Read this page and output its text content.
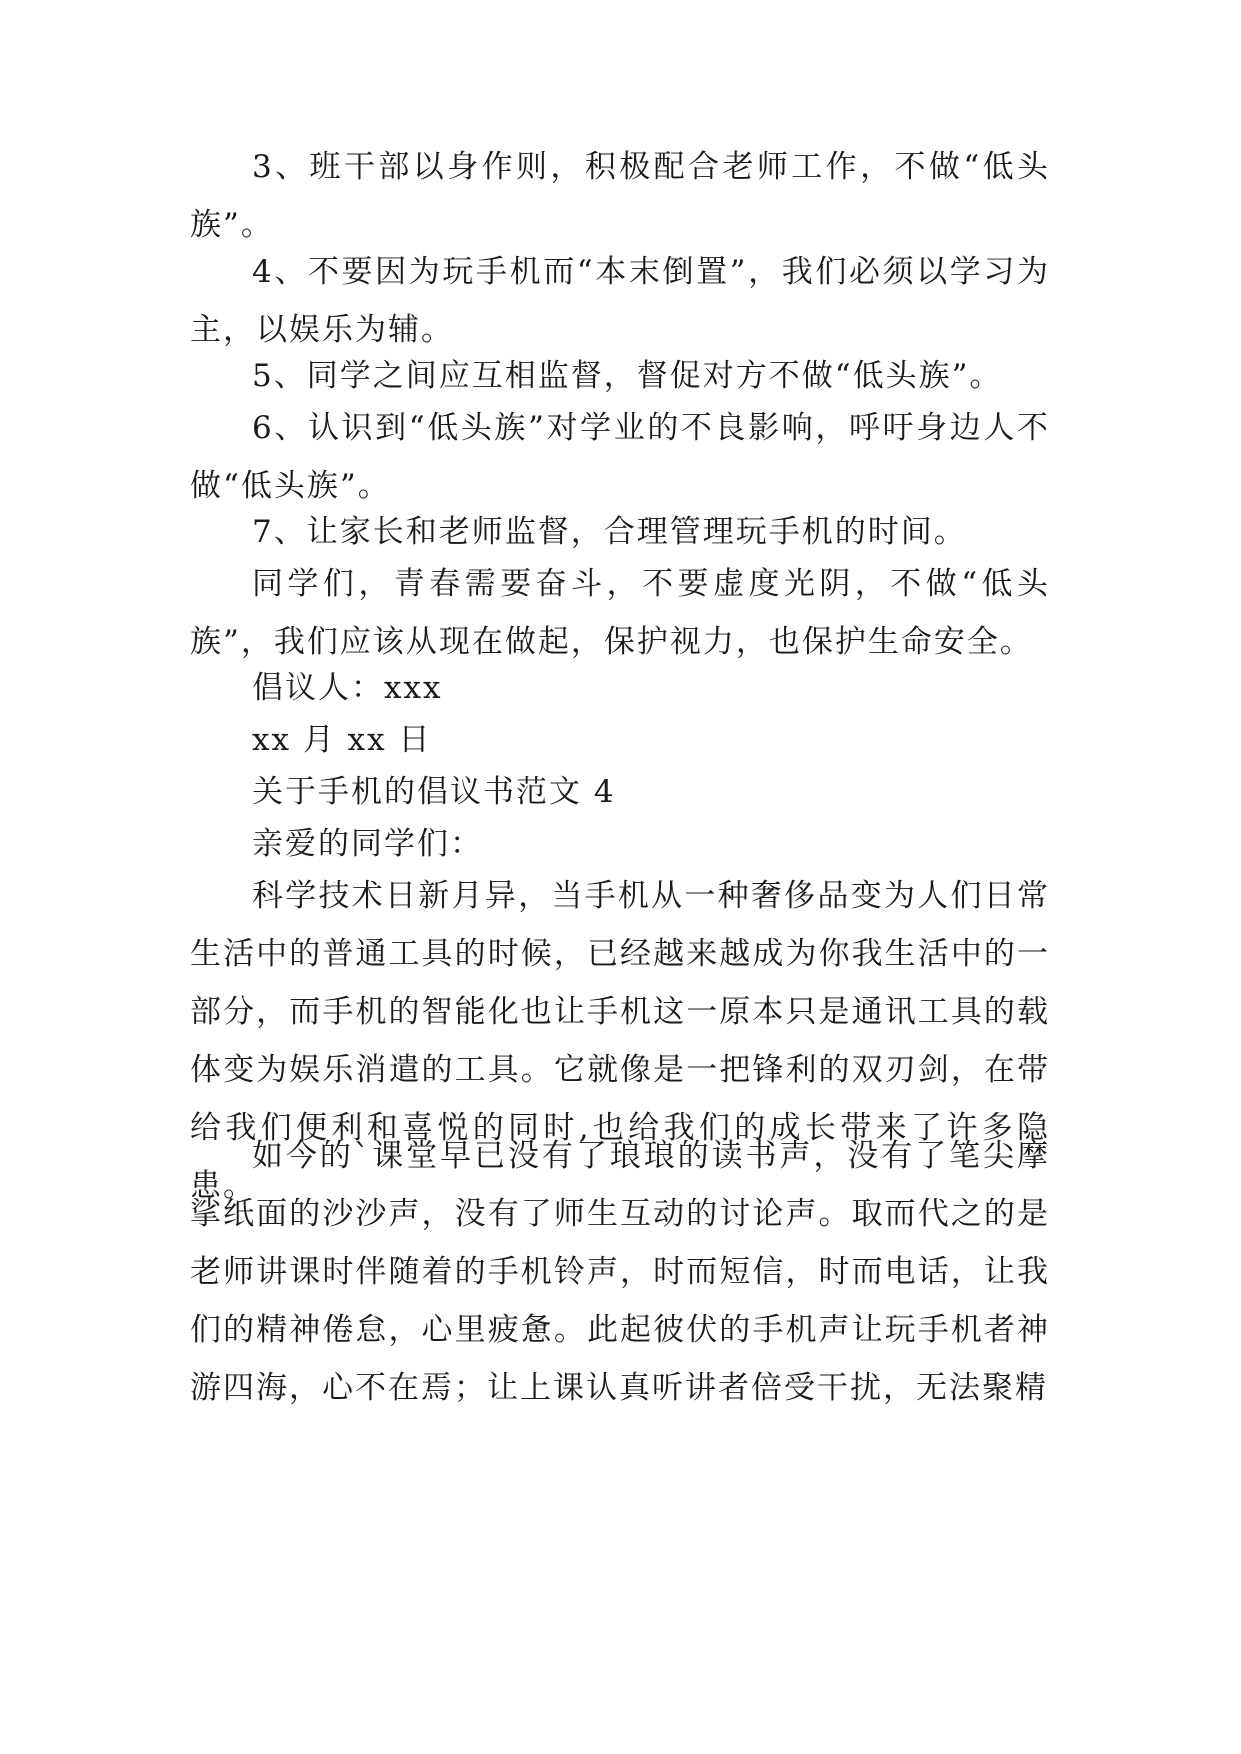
3、班干部以身作则，积极配合老师工作，不做“低头族”。

4、不要因为玩手机而“本末倒置”，我们必须以学习为主，以娱乐为辅。

5、同学之间应互相监督，督促对方不做“低头族”。

6、认识到“低头族”对学业的不良影响，呼吁身边人不做“低头族”。

7、让家长和老师监督，合理管理玩手机的时间。

同学们，青春需要奋斗，不要虚度光阴，不做“低头族”，我们应该从现在做起，保护视力，也保护生命安全。

倡议人：xxx

xx 月 xx 日

关于手机的倡议书范文 4

亲爱的同学们：

科学技术日新月异，当手机从一种奢侈品变为人们日常生活中的普通工具的时候，已经越来越成为你我生活中的一部分，而手机的智能化也让手机这一原本只是通讯工具的载体变为娱乐消遣的工具。它就像是一把锋利的双刃剑，在带给我们便利和喜悦的同时,也给我们的成长带来了许多隐患。

如今的`课堂早已没有了琅琅的读书声，没有了笔尖摩挲纸面的沙沙声，没有了师生互动的讨论声。取而代之的是老师讲课时伴随着的手机铃声，时而短信，时而电话，让我们的精神倦怠，心里疲惫。此起彼伏的手机声让玩手机者神游四海，心不在焉；让上课认真听讲者倍受干扰，无法聚精
